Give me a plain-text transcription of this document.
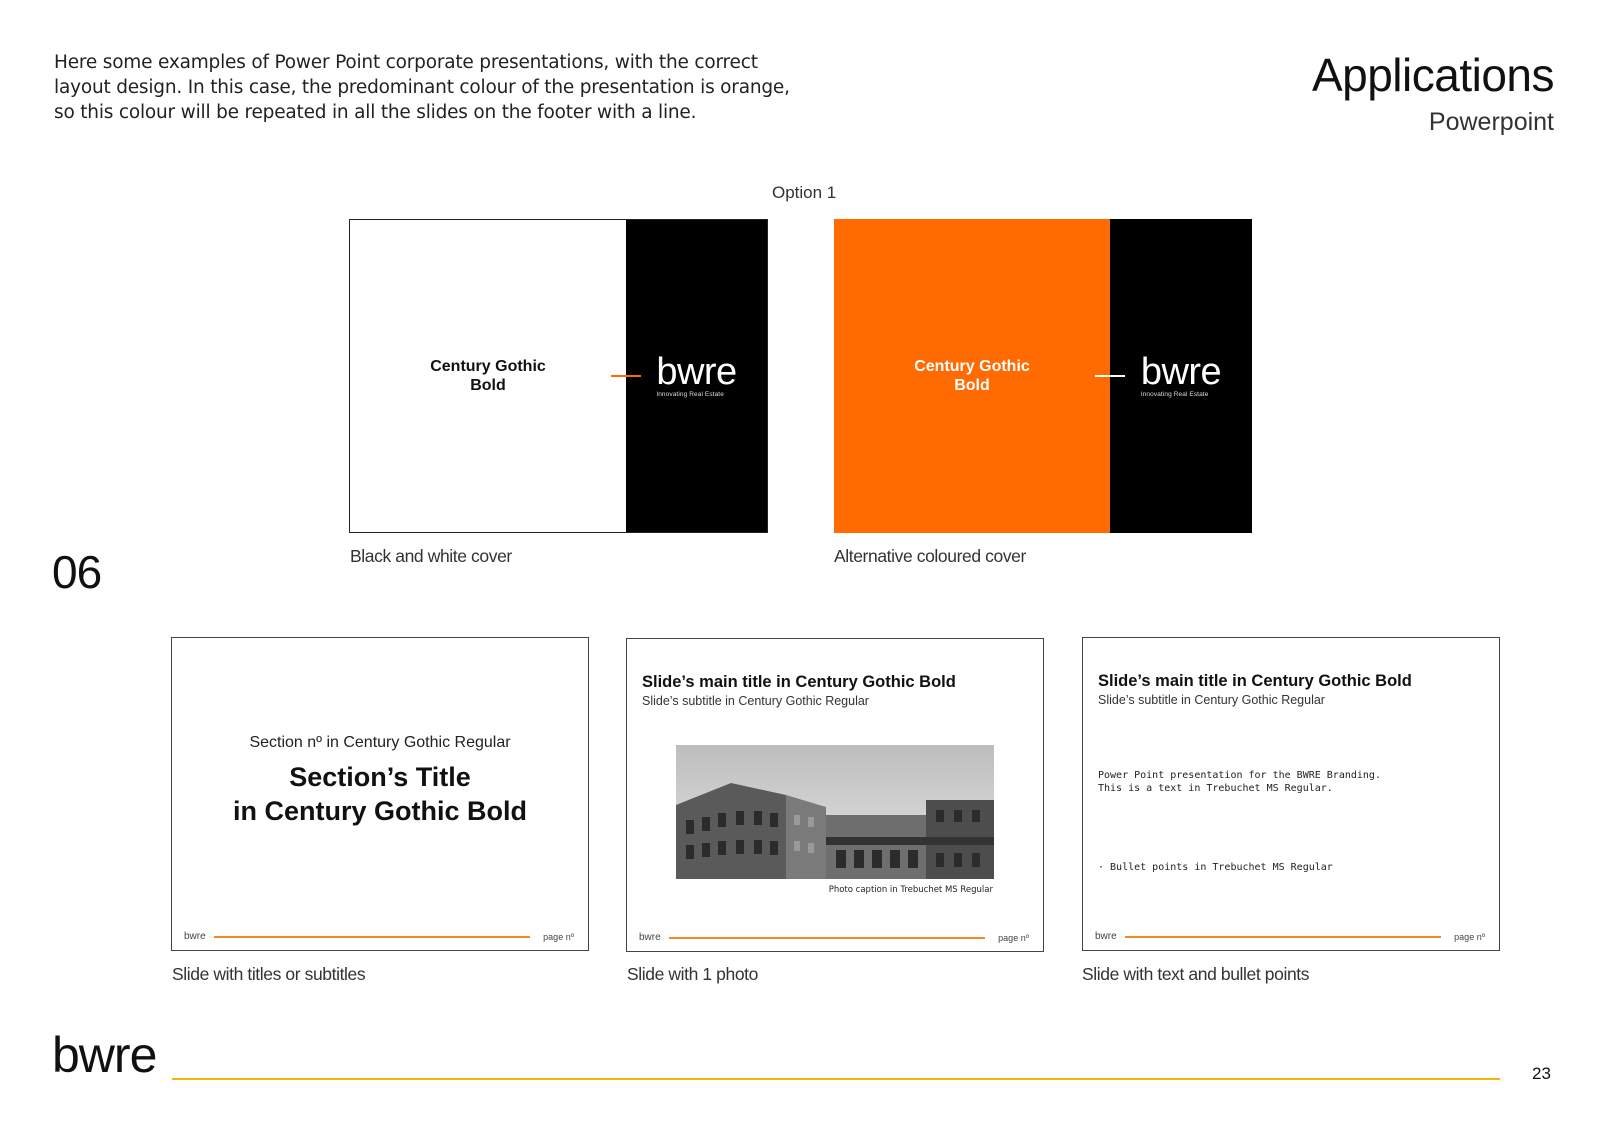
Here some examples of Power Point corporate presentations, with the correct layout design. In this case, the predominant colour of the presentation is orange, so this colour will be repeated in all the slides on the footer with a line.
Applications
Powerpoint
Option 1
06
Century Gothic
Bold	bwre
Innovating Real Estate
Black and white cover
Century Gothic
Bold	bwre
Innovating Real Estate
Alternative coloured cover
Section nº in Century Gothic Regular
Section’s Title
in Century Gothic Bold
bwre	page nº
Slide with titles or subtitles
Slide’s main title in Century Gothic Bold
Slide’s subtitle in Century Gothic Regular
Photo caption in Trebuchet MS Regular
bwre	page nº
Slide with 1 photo
Slide’s main title in Century Gothic Bold
Slide’s subtitle in Century Gothic Regular
Power Point presentation for the BWRE Branding.
This is a text in Trebuchet MS Regular.
· Bullet points in Trebuchet MS Regular
bwre	page nº
Slide with text and bullet points
bwre	23
